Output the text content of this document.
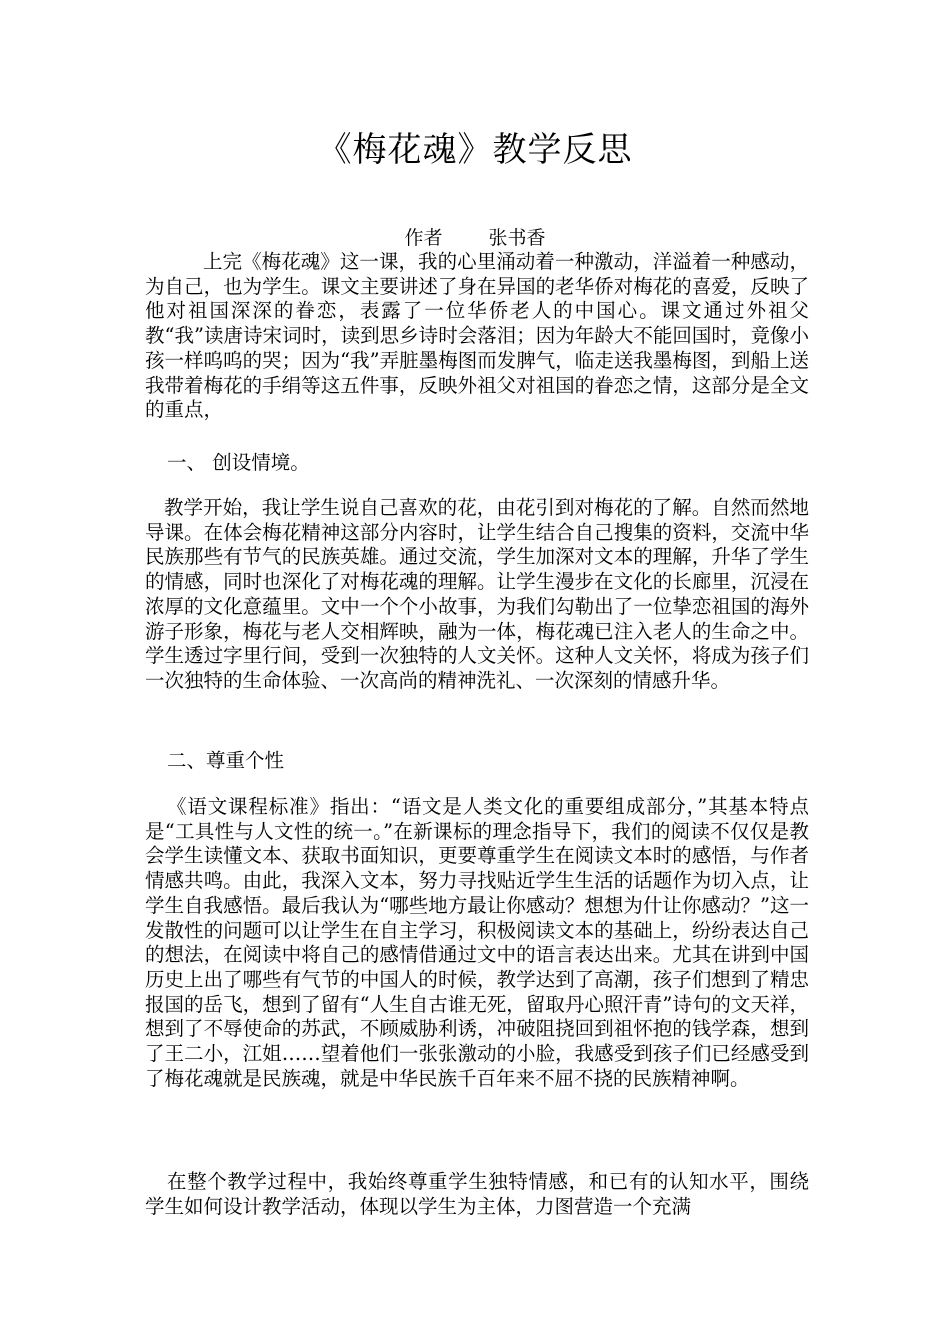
《梅花魂》教学反思
作者 张书香

上完《梅花魂》这一课，我的心里涌动着一种激动，洋溢着一种感动，为自己，也为学生。课文主要讲述了身在异国的老华侨对梅花的喜爱，反映了他对祖国深深的眷恋，表露了一位华侨老人的中国心。课文通过外祖父教“我”读唐诗宋词时，读到思乡诗时会落泪；因为年龄大不能回国时，竟像小孩一样呜呜的哭；因为“我”弄脏墨梅图而发脾气，临走送我墨梅图，到船上送我带着梅花的手绢等这五件事，反映外祖父对祖国的眷恋之情，这部分是全文的重点，

一、 创设情境。

教学开始，我让学生说自己喜欢的花，由花引到对梅花的了解。自然而然地导课。在体会梅花精神这部分内容时，让学生结合自己搜集的资料，交流中华民族那些有节气的民族英雄。通过交流，学生加深对文本的理解，升华了学生的情感，同时也深化了对梅花魂的理解。让学生漫步在文化的长廊里，沉浸在浓厚的文化意蕴里。文中一个个小故事，为我们勾勒出了一位挚恋祖国的海外游子形象，梅花与老人交相辉映，融为一体，梅花魂已注入老人的生命之中。学生透过字里行间，受到一次独特的人文关怀。这种人文关怀，将成为孩子们一次独特的生命体验、一次高尚的精神洗礼、一次深刻的情感升华。

二、尊重个性

《语文课程标准》指出：“语文是人类文化的重要组成部分，”其基本特点是“工具性与人文性的统一。”在新课标的理念指导下，我们的阅读不仅仅是教会学生读懂文本、获取书面知识，更要尊重学生在阅读文本时的感悟，与作者情感共鸣。由此，我深入文本，努力寻找贴近学生生活的话题作为切入点，让学生自我感悟。最后我认为“哪些地方最让你感动？想想为什让你感动？”这一发散性的问题可以让学生在自主学习，积极阅读文本的基础上，纷纷表达自己的想法，在阅读中将自己的感情借通过文中的语言表达出来。尤其在讲到中国历史上出了哪些有气节的中国人的时候，教学达到了高潮，孩子们想到了精忠报国的岳飞，想到了留有“人生自古谁无死，留取丹心照汗青”诗句的文天祥，想到了不辱使命的苏武，不顾威胁利诱，冲破阻挠回到祖怀抱的钱学森，想到了王二小，江姐……望着他们一张张激动的小脸，我感受到孩子们已经感受到了梅花魂就是民族魂，就是中华民族千百年来不屈不挠的民族精神啊。

在整个教学过程中，我始终尊重学生独特情感，和已有的认知水平，围绕学生如何设计教学活动，体现以学生为主体，力图营造一个充满
